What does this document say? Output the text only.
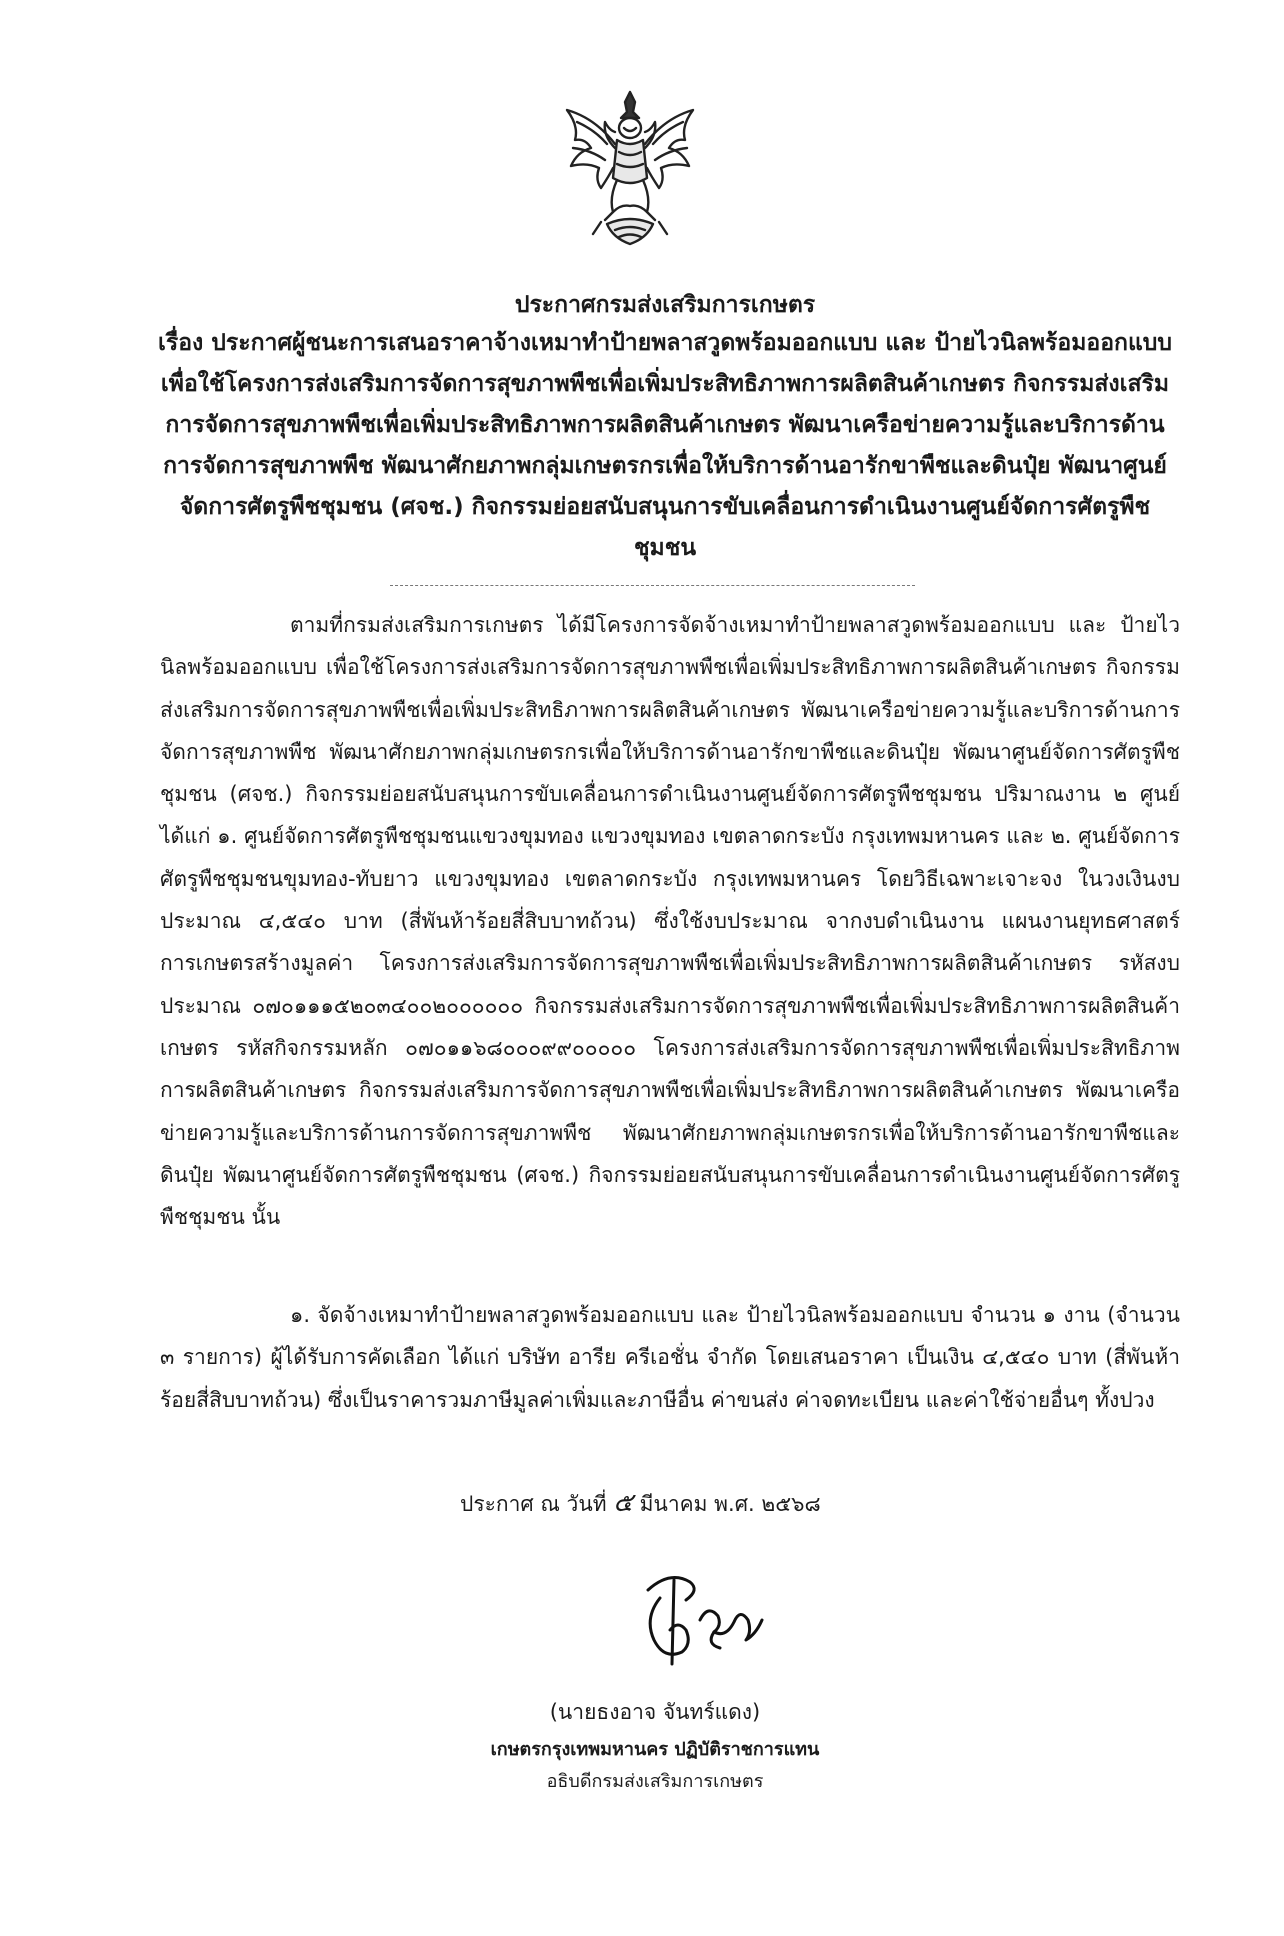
ประกาศกรมส่งเสริมการเกษตร

เรื่อง ประกาศผู้ชนะการเสนอราคาจ้างเหมาทำป้ายพลาสวูดพร้อมออกแบบ และ ป้ายไวนิลพร้อมออกแบบ เพื่อใช้โครงการส่งเสริมการจัดการสุขภาพพืชเพื่อเพิ่มประสิทธิภาพการผลิตสินค้าเกษตร กิจกรรมส่งเสริมการจัดการสุขภาพพืชเพื่อเพิ่มประสิทธิภาพการผลิตสินค้าเกษตร พัฒนาเครือข่ายความรู้และบริการด้านการจัดการสุขภาพพืช พัฒนาศักยภาพกลุ่มเกษตรกรเพื่อให้บริการด้านอารักขาพืชและดินปุ๋ย พัฒนาศูนย์จัดการศัตรูพืชชุมชน (ศจช.) กิจกรรมย่อยสนับสนุนการขับเคลื่อนการดำเนินงานศูนย์จัดการศัตรูพืชชุมชน

ตามที่กรมส่งเสริมการเกษตร ได้มีโครงการจัดจ้างเหมาทำป้ายพลาสวูดพร้อมออกแบบ และ ป้ายไวนิลพร้อมออกแบบ เพื่อใช้โครงการส่งเสริมการจัดการสุขภาพพืชเพื่อเพิ่มประสิทธิภาพการผลิตสินค้าเกษตร กิจกรรมส่งเสริมการจัดการสุขภาพพืชเพื่อเพิ่มประสิทธิภาพการผลิตสินค้าเกษตร พัฒนาเครือข่ายความรู้และบริการด้านการจัดการสุขภาพพืช พัฒนาศักยภาพกลุ่มเกษตรกรเพื่อให้บริการด้านอารักขาพืชและดินปุ๋ย พัฒนาศูนย์จัดการศัตรูพืชชุมชน (ศจช.) กิจกรรมย่อยสนับสนุนการขับเคลื่อนการดำเนินงานศูนย์จัดการศัตรูพืชชุมชน ปริมาณงาน ๒ ศูนย์ ได้แก่ ๑. ศูนย์จัดการศัตรูพืชชุมชนแขวงขุมทอง แขวงขุมทอง เขตลาดกระบัง กรุงเทพมหานคร และ ๒. ศูนย์จัดการศัตรูพืชชุมชนขุมทอง-ทับยาว แขวงขุมทอง เขตลาดกระบัง กรุงเทพมหานคร โดยวิธีเฉพาะเจาะจง ในวงเงินงบประมาณ ๔,๕๔๐ บาท (สี่พันห้าร้อยสี่สิบบาทถ้วน) ซึ่งใช้งบประมาณ จากงบดำเนินงาน แผนงานยุทธศาสตร์การเกษตรสร้างมูลค่า โครงการส่งเสริมการจัดการสุขภาพพืชเพื่อเพิ่มประสิทธิภาพการผลิตสินค้าเกษตร รหัสงบประมาณ ๐๗๐๑๑๑๕๒๐๓๔๐๐๒๐๐๐๐๐๐ กิจกรรมส่งเสริมการจัดการสุขภาพพืชเพื่อเพิ่มประสิทธิภาพการผลิตสินค้าเกษตร รหัสกิจกรรมหลัก ๐๗๐๑๑๖๘๐๐๐๙๙๐๐๐๐๐ โครงการส่งเสริมการจัดการสุขภาพพืชเพื่อเพิ่มประสิทธิภาพการผลิตสินค้าเกษตร กิจกรรมส่งเสริมการจัดการสุขภาพพืชเพื่อเพิ่มประสิทธิภาพการผลิตสินค้าเกษตร พัฒนาเครือข่ายความรู้และบริการด้านการจัดการสุขภาพพืช พัฒนาศักยภาพกลุ่มเกษตรกรเพื่อให้บริการด้านอารักขาพืชและดินปุ๋ย พัฒนาศูนย์จัดการศัตรูพืชชุมชน (ศจช.) กิจกรรมย่อยสนับสนุนการขับเคลื่อนการดำเนินงานศูนย์จัดการศัตรูพืชชุมชน นั้น

๑. จัดจ้างเหมาทำป้ายพลาสวูดพร้อมออกแบบ และ ป้ายไวนิลพร้อมออกแบบ จำนวน ๑ งาน (จำนวน ๓ รายการ) ผู้ได้รับการคัดเลือก ได้แก่ บริษัท อารีย ครีเอชั่น จำกัด โดยเสนอราคา เป็นเงิน ๔,๕๔๐ บาท (สี่พันห้าร้อยสี่สิบบาทถ้วน) ซึ่งเป็นราคารวมภาษีมูลค่าเพิ่มและภาษีอื่น ค่าขนส่ง ค่าจดทะเบียน และค่าใช้จ่ายอื่นๆ ทั้งปวง

ประกาศ ณ วันที่ ๕ มีนาคม พ.ศ. ๒๕๖๘

(นายธงอาจ จันทร์แดง)

เกษตรกรุงเทพมหานคร ปฏิบัติราชการแทน

อธิบดีกรมส่งเสริมการเกษตร
